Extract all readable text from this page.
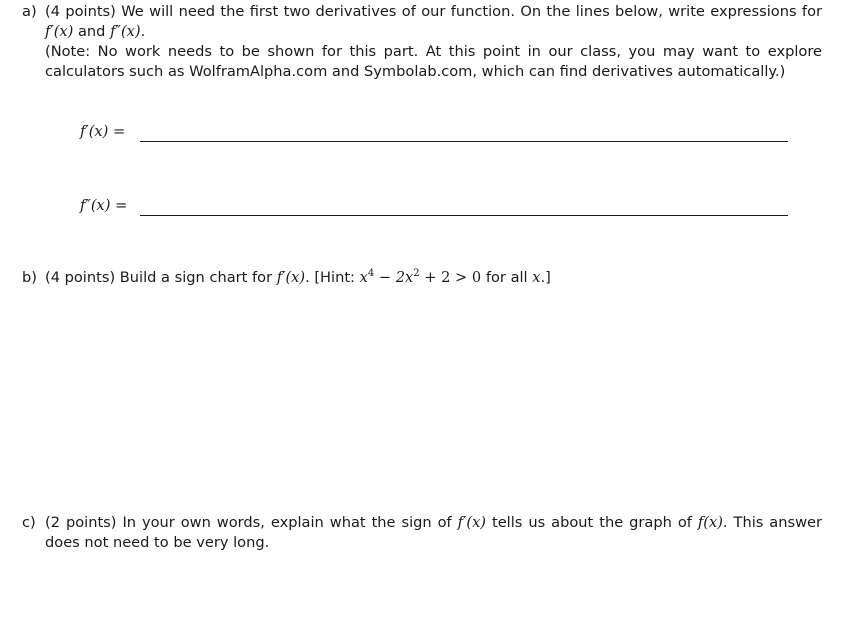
a) (4 points) We will need the first two derivatives of our function. On the lines below, write expressions for f′(x) and f″(x).

(Note: No work needs to be shown for this part. At this point in our class, you may want to explore calculators such as WolframAlpha.com and Symbolab.com, which can find derivatives automatically.)

f′(x) =
f″(x) =
b) (4 points) Build a sign chart for f′(x). [Hint: $x^4 - 2x^2 + 2 > 0$ for all x.]

c) (2 points) In your own words, explain what the sign of f′(x) tells us about the graph of f(x). This answer does not need to be very long.
